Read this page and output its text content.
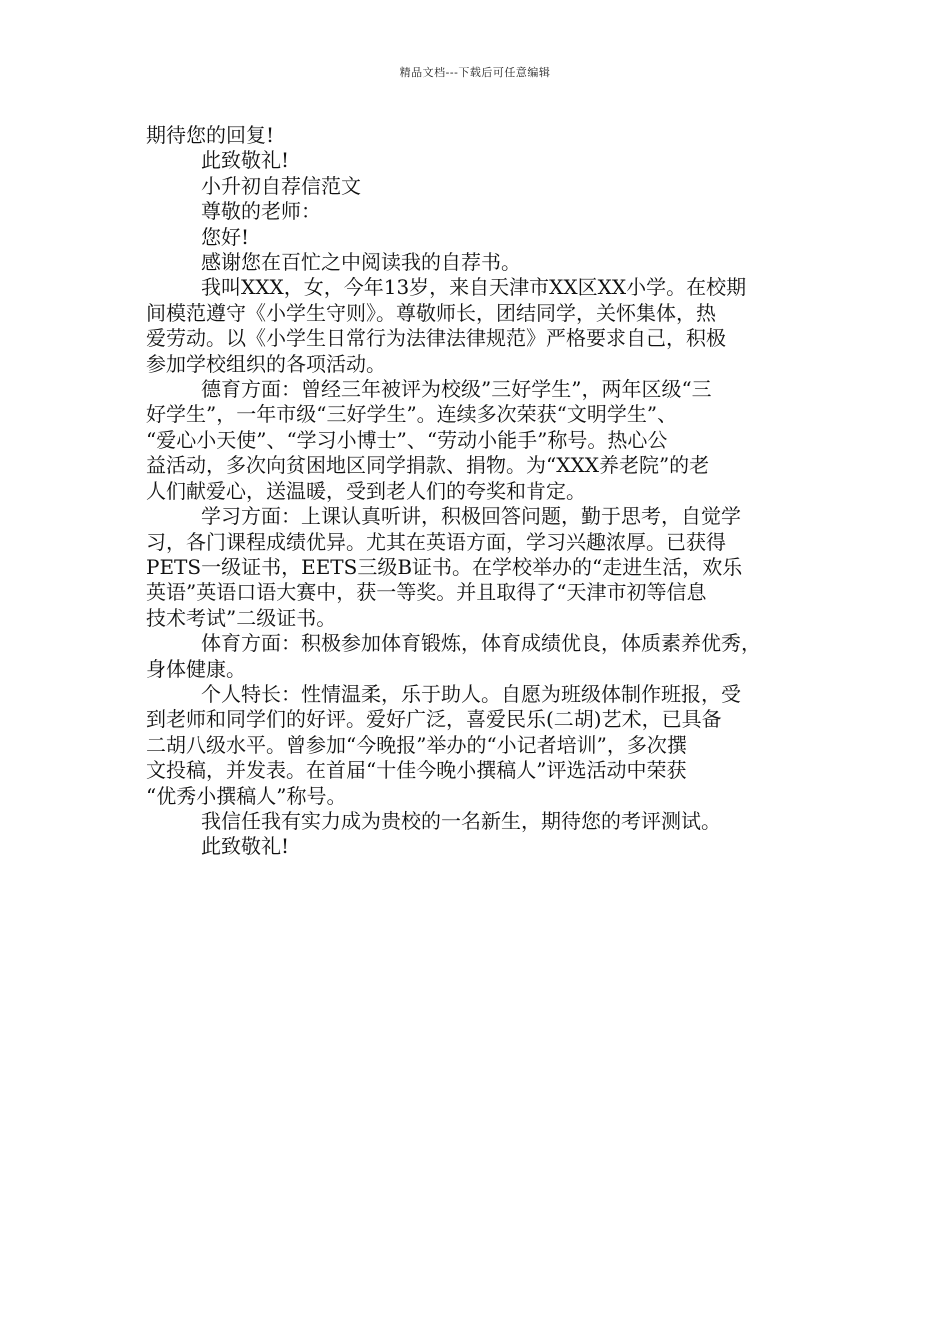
精品文档---下载后可任意编辑

期待您的回复!

此致敬礼!

小升初自荐信范文

尊敬的老师：

您好!

感谢您在百忙之中阅读我的自荐书。

我叫XXX，女，今年13岁，来自天津市XX区XX小学。在校期

间模范遵守《小学生守则》。尊敬师长，团结同学，关怀集体，热

爱劳动。以《小学生日常行为法律法律规范》严格要求自己，积极

参加学校组织的各项活动。

德育方面：曾经三年被评为校级”三好学生”，两年区级“三

好学生”，一年市级“三好学生”。连续多次荣获“文明学生”、

“爱心小天使”、“学习小博士”、“劳动小能手”称号。热心公

益活动，多次向贫困地区同学捐款、捐物。为“XXX养老院”的老

人们献爱心，送温暖，受到老人们的夸奖和肯定。

学习方面：上课认真听讲，积极回答问题，勤于思考，自觉学

习，各门课程成绩优异。尤其在英语方面，学习兴趣浓厚。已获得

PETS一级证书，EETS三级B证书。在学校举办的“走进生活，欢乐

英语”英语口语大赛中，获一等奖。并且取得了“天津市初等信息

技术考试”二级证书。

体育方面：积极参加体育锻炼，体育成绩优良，体质素养优秀，

身体健康。

个人特长：性情温柔，乐于助人。自愿为班级体制作班报，受

到老师和同学们的好评。爱好广泛，喜爱民乐(二胡)艺术，已具备

二胡八级水平。曾参加“今晚报”举办的“小记者培训”，多次撰

文投稿，并发表。在首届“十佳今晚小撰稿人”评选活动中荣获

“优秀小撰稿人”称号。

我信任我有实力成为贵校的一名新生，期待您的考评测试。

此致敬礼!
